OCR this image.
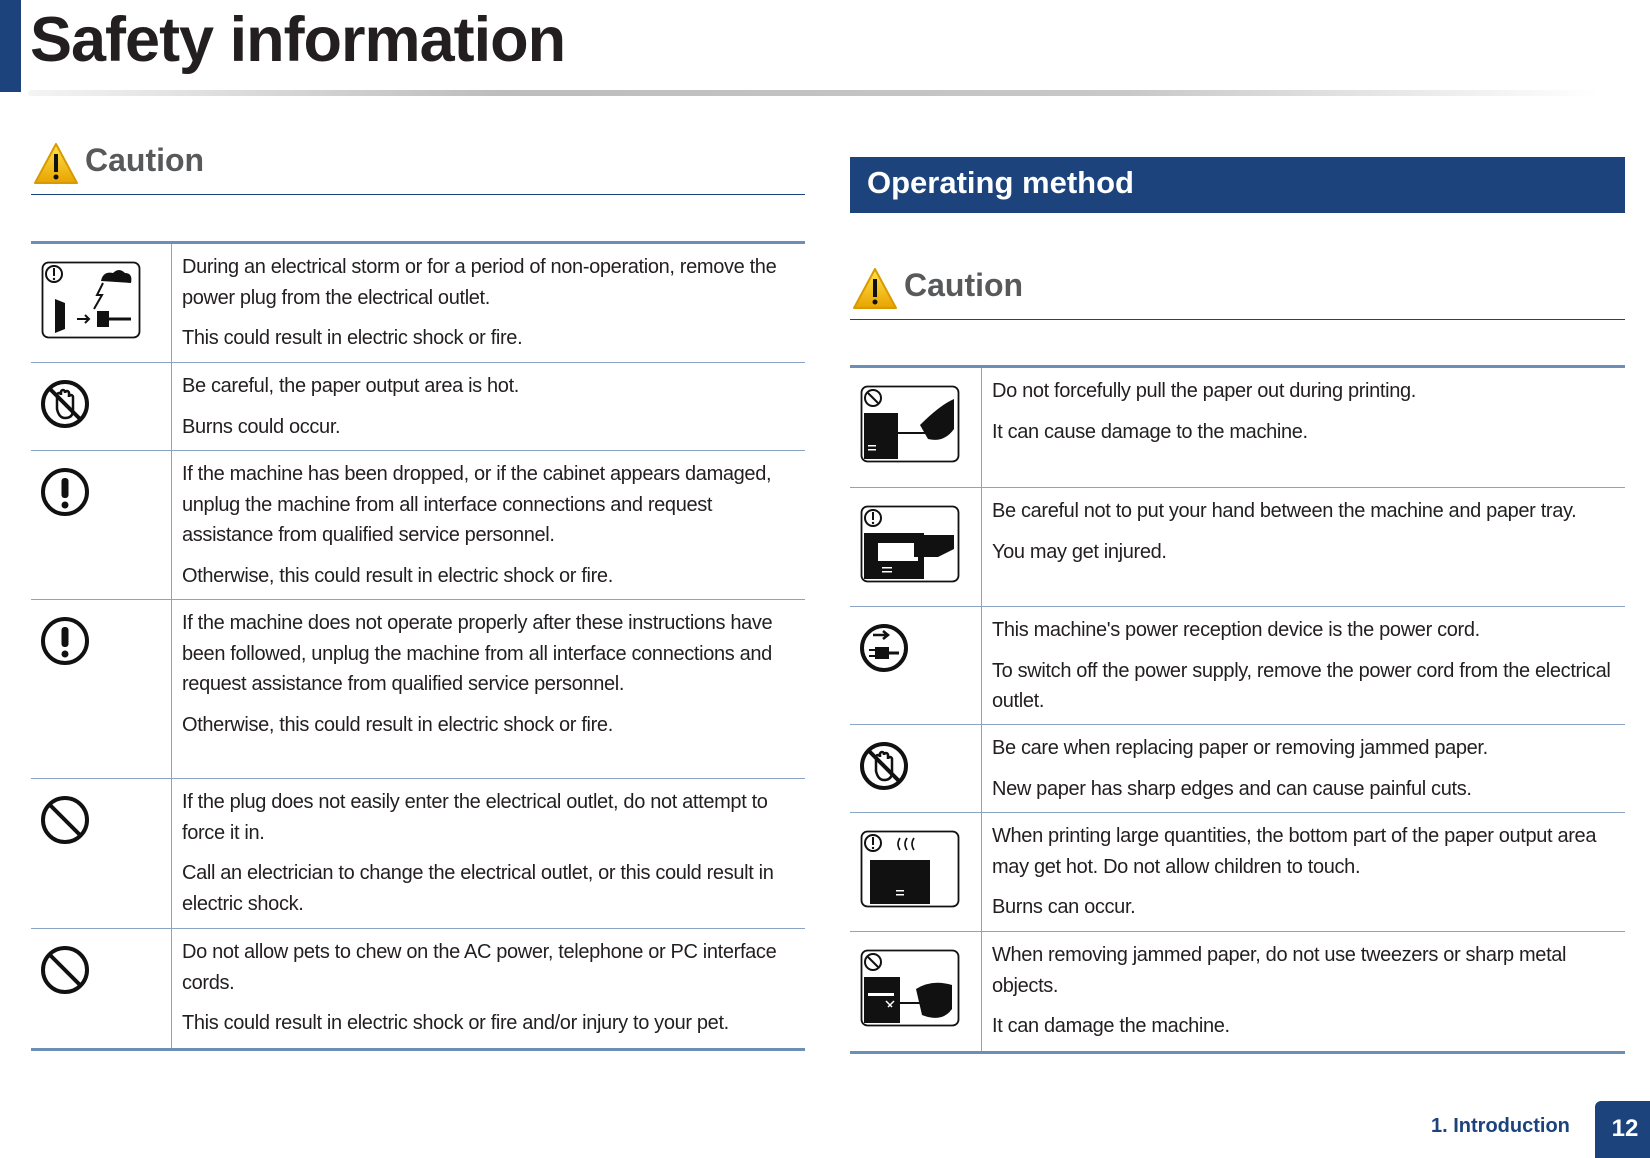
Safety information
Caution
Operating method
Caution

During an electrical storm or for a period of non-operation, remove the power plug from the electrical outlet.

This could result in electric shock or fire.

Be careful, the paper output area is hot.

Burns could occur.

If the machine has been dropped, or if the cabinet appears damaged, unplug the machine from all interface connections and request assistance from qualified service personnel.

Otherwise, this could result in electric shock or fire.

If the machine does not operate properly after these instructions have been followed, unplug the machine from all interface connections and request assistance from qualified service personnel.

Otherwise, this could result in electric shock or fire.

If the plug does not easily enter the electrical outlet, do not attempt to force it in.

Call an electrician to change the electrical outlet, or this could result in electric shock.

Do not allow pets to chew on the AC power, telephone or PC interface cords.

This could result in electric shock or fire and/or injury to your pet.

Do not forcefully pull the paper out during printing.

It can cause damage to the machine.

Be careful not to put your hand between the machine and paper tray.

You may get injured.

This machine's power reception device is the power cord.

To switch off the power supply, remove the power cord from the electrical outlet.

Be care when replacing paper or removing jammed paper.

New paper has sharp edges and can cause painful cuts.

When printing large quantities, the bottom part of the paper output area may get hot. Do not allow children to touch.

Burns can occur.

When removing jammed paper, do not use tweezers or sharp metal objects.

It can damage the machine.

1. Introduction	12
